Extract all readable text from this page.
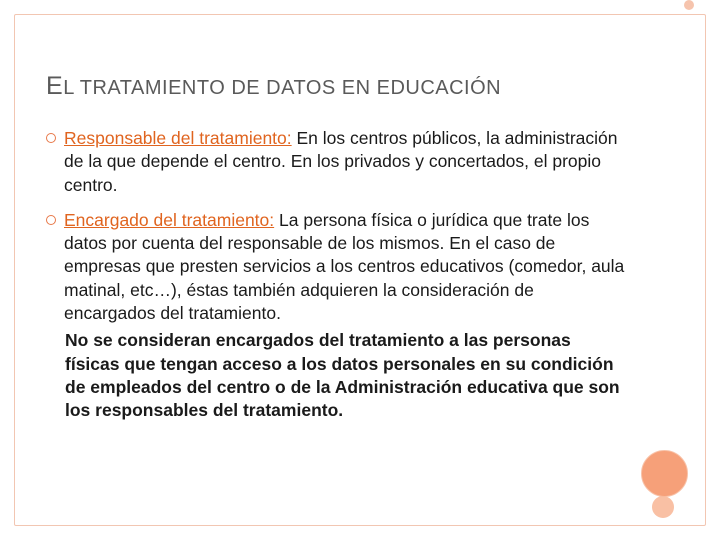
EL TRATAMIENTO DE DATOS EN EDUCACIÓN
Responsable del tratamiento: En los centros públicos, la administración de la que depende el centro. En los privados y concertados, el propio centro.
Encargado del tratamiento: La persona física o jurídica que trate los datos por cuenta del responsable de los mismos. En el caso de empresas que presten servicios a los centros educativos (comedor, aula matinal, etc…), éstas también adquieren la consideración de encargados del tratamiento.
No se consideran encargados del tratamiento a las personas físicas que tengan acceso a los datos personales en su condición de empleados del centro o de la Administración educativa que son los responsables del tratamiento.
